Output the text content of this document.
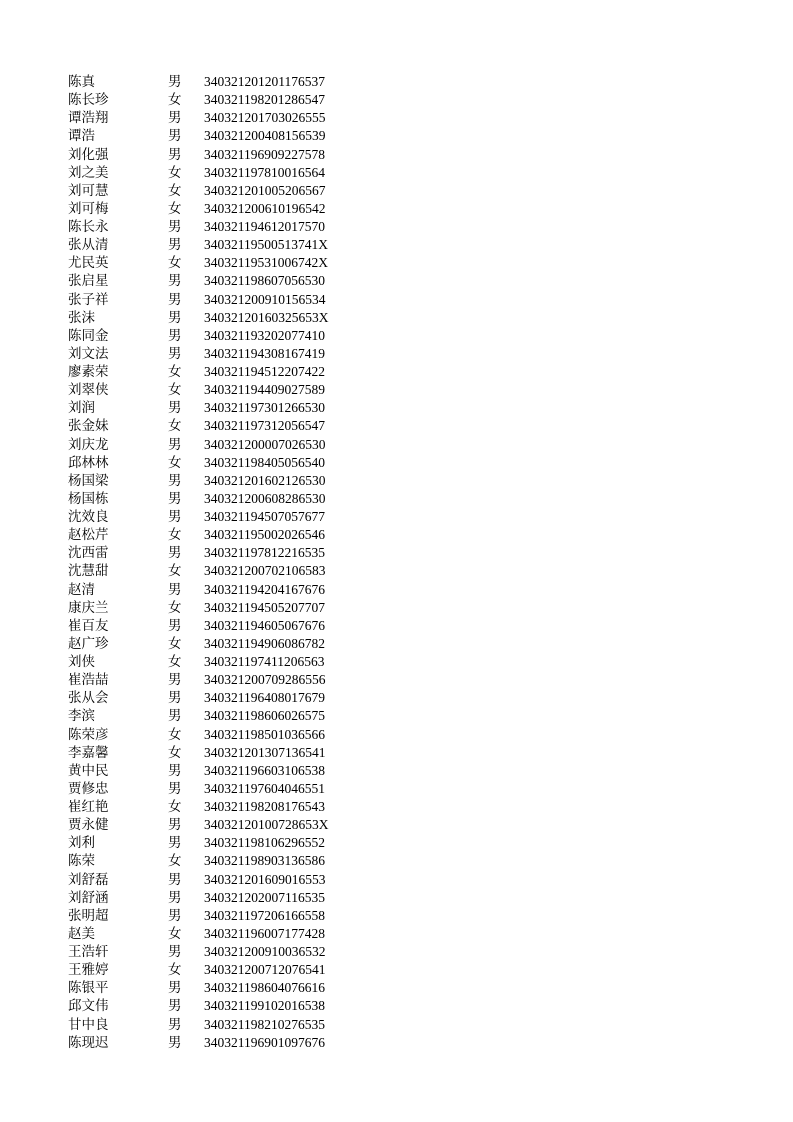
陈真	男	340321201201176537
陈长珍	女	340321198201286547
谭浩翔	男	340321201703026555
谭浩	男	340321200408156539
刘化强	男	340321196909227578
刘之美	女	340321197810016564
刘可慧	女	340321201005206567
刘可梅	女	340321200610196542
陈长永	男	340321194612017570
张从清	男	34032119500513741X
尤民英	女	34032119531006742X
张启星	男	340321198607056530
张子祥	男	340321200910156534
张沫	男	34032120160325653X
陈同金	男	340321193202077410
刘文法	男	340321194308167419
廖素荣	女	340321194512207422
刘翠侠	女	340321194409027589
刘润	男	340321197301266530
张金妹	女	340321197312056547
刘庆龙	男	340321200007026530
邱林林	女	340321198405056540
杨国梁	男	340321201602126530
杨国栋	男	340321200608286530
沈效良	男	340321194507057677
赵松芹	女	340321195002026546
沈西雷	男	340321197812216535
沈慧甜	女	340321200702106583
赵清	男	340321194204167676
康庆兰	女	340321194505207707
崔百友	男	340321194605067676
赵广珍	女	340321194906086782
刘侠	女	340321197411206563
崔浩喆	男	340321200709286556
张从会	男	340321196408017679
李滨	男	340321198606026575
陈荣彦	女	340321198501036566
李嘉馨	女	340321201307136541
黄中民	男	340321196603106538
贾修忠	男	340321197604046551
崔红艳	女	340321198208176543
贾永健	男	34032120100728653X
刘利	男	340321198106296552
陈荣	女	340321198903136586
刘舒磊	男	340321201609016553
刘舒涵	男	340321202007116535
张明超	男	340321197206166558
赵美	女	340321196007177428
王浩轩	男	340321200910036532
王雅婷	女	340321200712076541
陈银平	男	340321198604076616
邱文伟	男	340321199102016538
甘中良	男	340321198210276535
陈现迟	男	340321196901097676
